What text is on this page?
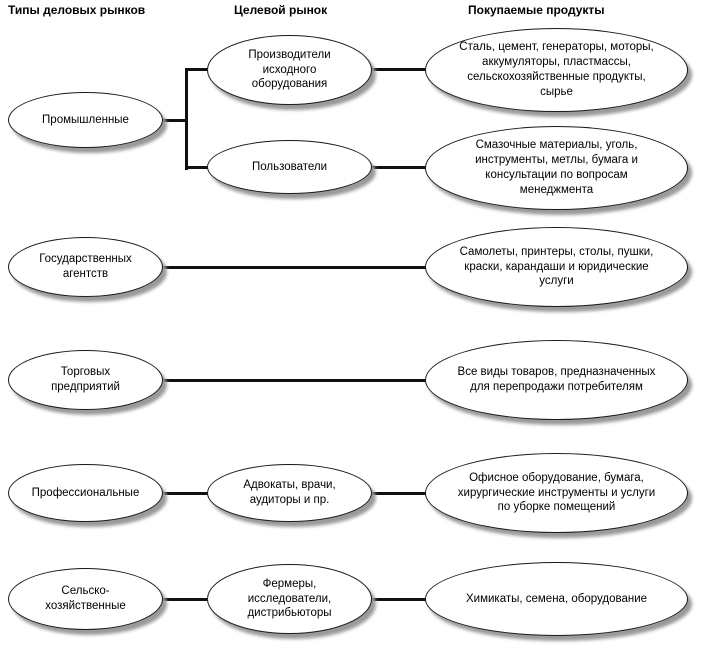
Типы деловых рынков	Целевой рынок	Покупаемые продукты
Промышленные
Государственных агентств
Торговых предприятий
Профессиональные
Сельско-хозяйственные
Производители исходного оборудования
Пользователи
Адвокаты, врачи, аудиторы и пр.
Фермеры, исследователи, дистрибьюторы
Сталь, цемент, генераторы, моторы, аккумуляторы, пластмассы, сельскохозяйственные продукты, сырье
Смазочные материалы, уголь, инструменты, метлы, бумага и консультации по вопросам менеджмента
Самолеты, принтеры, столы, пушки, краски, карандаши и юридические услуги
Все виды товаров, предназначенных для перепродажи потребителям
Офисное оборудование, бумага, хирургические инструменты и услуги по уборке помещений
Химикаты, семена, оборудование
